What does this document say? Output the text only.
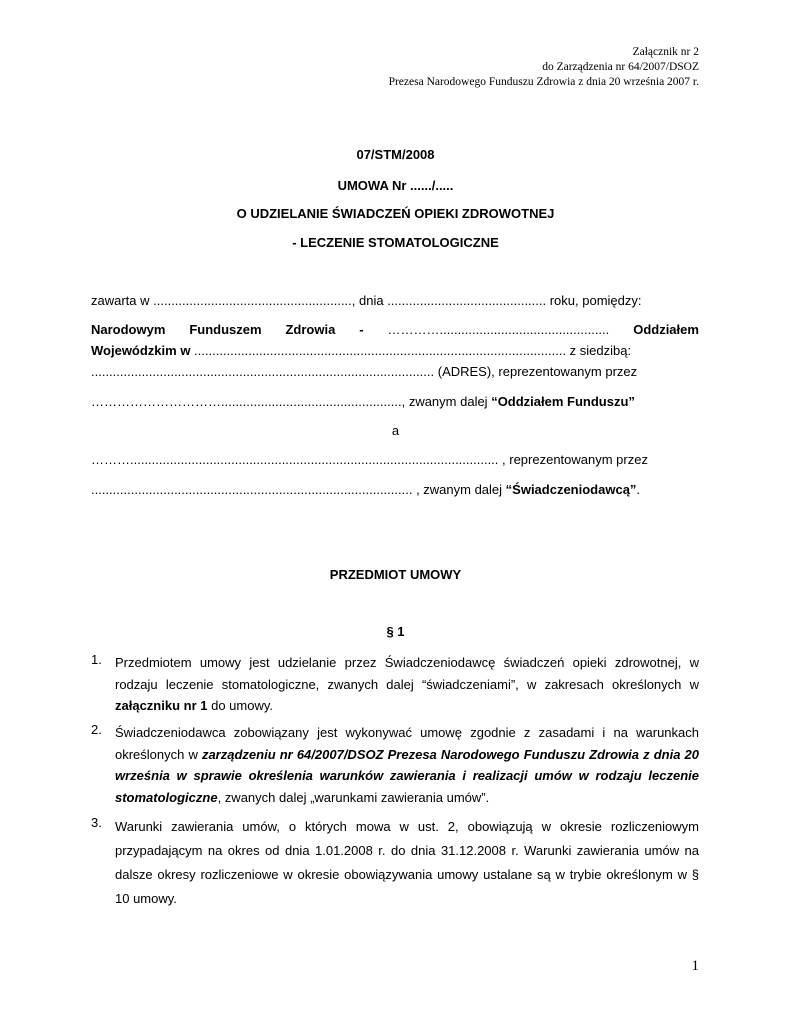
Załącznik nr 2
do Zarządzenia nr 64/2007/DSOZ
Prezesa Narodowego Funduszu Zdrowia z dnia 20 września 2007 r.
07/STM/2008
UMOWA Nr ....../.....
O UDZIELANIE ŚWIADCZEŃ OPIEKI ZDROWOTNEJ
- LECZENIE STOMATOLOGICZNE
zawarta w ......................................................., dnia ............................................ roku, pomiędzy:
Narodowym Funduszem Zdrowia - …………............................................... Oddziałem
Wojewódzkim w ....................................................................................................... z siedzibą:
............................................................................................... (ADRES), reprezentowanym przez
………………………….................................................., zwanym dalej “Oddziałem Funduszu”
a
………...................................................................................................... , reprezentowanym przez
......................................................................................... , zwanym dalej “Świadczeniodawcą”.
PRZEDMIOT UMOWY
§ 1
1. Przedmiotem umowy jest udzielanie przez Świadczeniodawcę świadczeń opieki zdrowotnej, w rodzaju leczenie stomatologiczne, zwanych dalej “świadczeniami”, w zakresach określonych w załączniku nr 1 do umowy.
2. Świadczeniodawca zobowiązany jest wykonywać umowę zgodnie z zasadami i na warunkach określonych w zarządzeniu nr 64/2007/DSOZ Prezesa Narodowego Funduszu Zdrowia z dnia 20 września w sprawie określenia warunków zawierania i realizacji umów w rodzaju leczenie stomatologiczne, zwanych dalej „warunkami zawierania umów”.
3. Warunki zawierania umów, o których mowa w ust. 2, obowiązują w okresie rozliczeniowym przypadającym na okres od dnia 1.01.2008 r. do dnia 31.12.2008 r. Warunki zawierania umów na dalsze okresy rozliczeniowe w okresie obowiązywania umowy ustalane są w trybie określonym w § 10 umowy.
1
